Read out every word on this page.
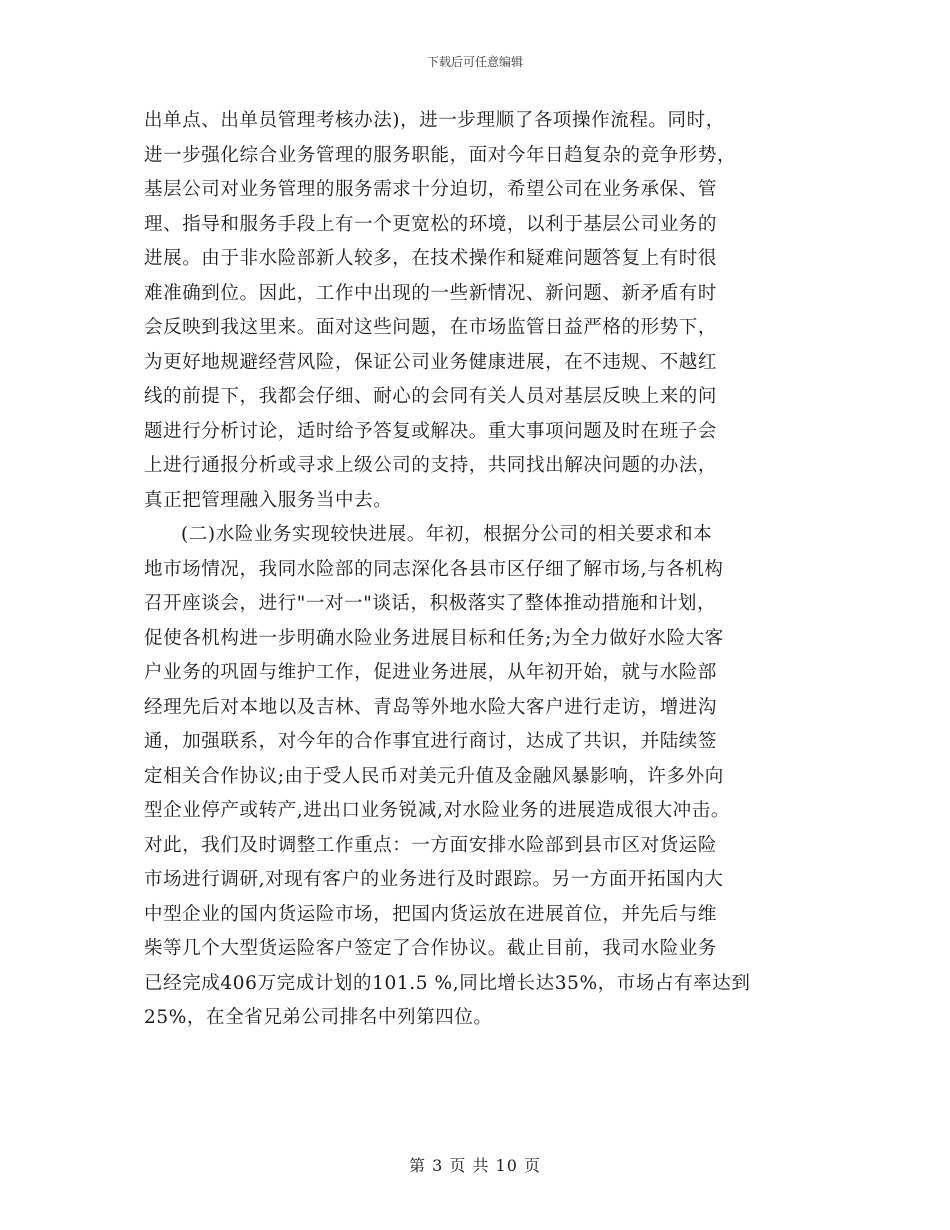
下载后可任意编辑
出单点、出单员管理考核办法)，进一步理顺了各项操作流程。同时，
进一步强化综合业务管理的服务职能，面对今年日趋复杂的竞争形势，
基层公司对业务管理的服务需求十分迫切，希望公司在业务承保、管
理、指导和服务手段上有一个更宽松的环境，以利于基层公司业务的
进展。由于非水险部新人较多，在技术操作和疑难问题答复上有时很
难准确到位。因此，工作中出现的一些新情况、新问题、新矛盾有时
会反映到我这里来。面对这些问题，在市场监管日益严格的形势下，
为更好地规避经营风险，保证公司业务健康进展，在不违规、不越红
线的前提下，我都会仔细、耐心的会同有关人员对基层反映上来的问
题进行分析讨论，适时给予答复或解决。重大事项问题及时在班子会
上进行通报分析或寻求上级公司的支持，共同找出解决问题的办法，
真正把管理融入服务当中去。
(二)水险业务实现较快进展。年初，根据分公司的相关要求和本
地市场情况，我同水险部的同志深化各县市区仔细了解市场,与各机构
召开座谈会，进行"一对一"谈话，积极落实了整体推动措施和计划，
促使各机构进一步明确水险业务进展目标和任务;为全力做好水险大客
户业务的巩固与维护工作，促进业务进展，从年初开始，就与水险部
经理先后对本地以及吉林、青岛等外地水险大客户进行走访，增进沟
通，加强联系，对今年的合作事宜进行商讨，达成了共识，并陆续签
定相关合作协议;由于受人民币对美元升值及金融风暴影响，许多外向
型企业停产或转产,进出口业务锐减,对水险业务的进展造成很大冲击。
对此，我们及时调整工作重点：一方面安排水险部到县市区对货运险
市场进行调研,对现有客户的业务进行及时跟踪。另一方面开拓国内大
中型企业的国内货运险市场，把国内货运放在进展首位，并先后与维
柴等几个大型货运险客户签定了合作协议。截止目前，我司水险业务
已经完成406万完成计划的101.5 %,同比增长达35%，市场占有率达到
25%，在全省兄弟公司排名中列第四位。
第 3 页 共 10 页
